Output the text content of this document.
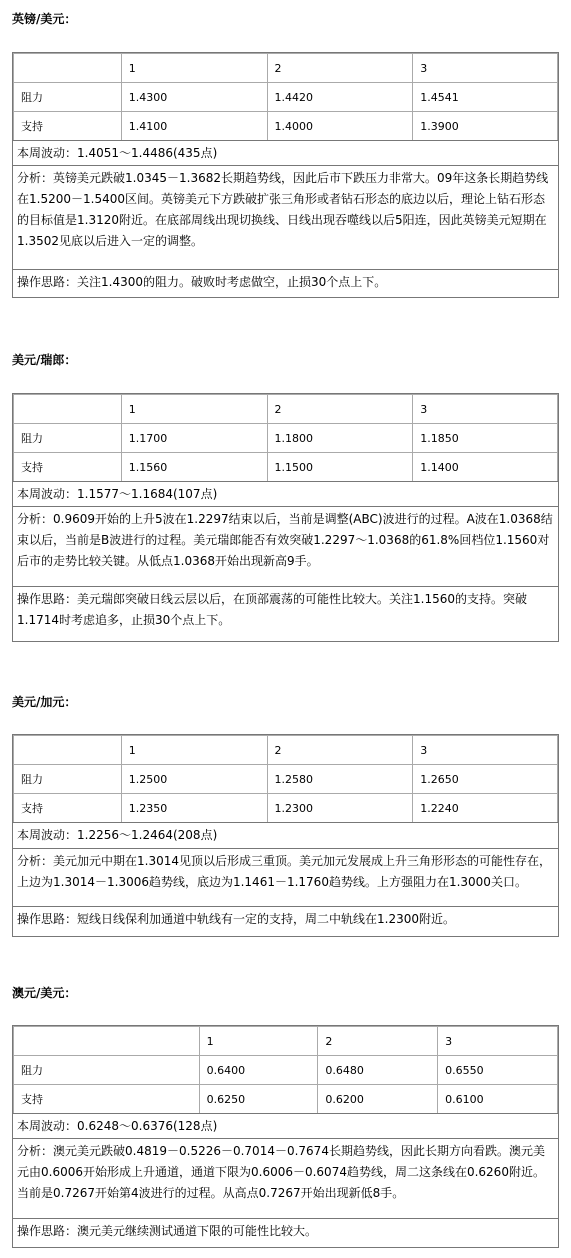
英镑/美元：
	1	2	3
阻力	1.4300	1.4420	1.4541
支持	1.4100	1.4000	1.3900
本周波动：1.4051～1.4486(435点)
分析：英镑美元跌破1.0345－1.3682长期趋势线，因此后市下跌压力非常大。09年这条长期趋势线在1.5200－1.5400区间。英镑美元下方跌破扩张三角形或者钻石形态的底边以后，理论上钻石形态的目标值是1.3120附近。在底部周线出现切换线、日线出现吞噬线以后5阳连，因此英镑美元短期在1.3502见底以后进入一定的调整。
操作思路：关注1.4300的阻力。破败时考虑做空，止损30个点上下。
美元/瑞郎：
	1	2	3
阻力	1.1700	1.1800	1.1850
支持	1.1560	1.1500	1.1400
本周波动：1.1577～1.1684(107点)
分析：0.9609开始的上升5波在1.2297结束以后，当前是调整(ABC)波进行的过程。A波在1.0368结束以后，当前是B波进行的过程。美元瑞郎能否有效突破1.2297～1.0368的61.8%回档位1.1560对后市的走势比较关键。从低点1.0368开始出现新高9手。
操作思路：美元瑞郎突破日线云层以后，在顶部震荡的可能性比较大。关注1.1560的支持。突破1.1714时考虑追多，止损30个点上下。
美元/加元：
	1	2	3
阻力	1.2500	1.2580	1.2650
支持	1.2350	1.2300	1.2240
本周波动：1.2256～1.2464(208点)
分析：美元加元中期在1.3014见顶以后形成三重顶。美元加元发展成上升三角形形态的可能性存在，上边为1.3014－1.3006趋势线，底边为1.1461－1.1760趋势线。上方强阻力在1.3000关口。
操作思路：短线日线保利加通道中轨线有一定的支持，周二中轨线在1.2300附近。
澳元/美元：
	1	2	3
阻力	0.6400	0.6480	0.6550
支持	0.6250	0.6200	0.6100
本周波动：0.6248～0.6376(128点)
分析：澳元美元跌破0.4819－0.5226－0.7014－0.7674长期趋势线，因此长期方向看跌。澳元美元由0.6006开始形成上升通道，通道下限为0.6006－0.6074趋势线，周二这条线在0.6260附近。当前是0.7267开始第4波进行的过程。从高点0.7267开始出现新低8手。
操作思路：澳元美元继续测试通道下限的可能性比较大。
